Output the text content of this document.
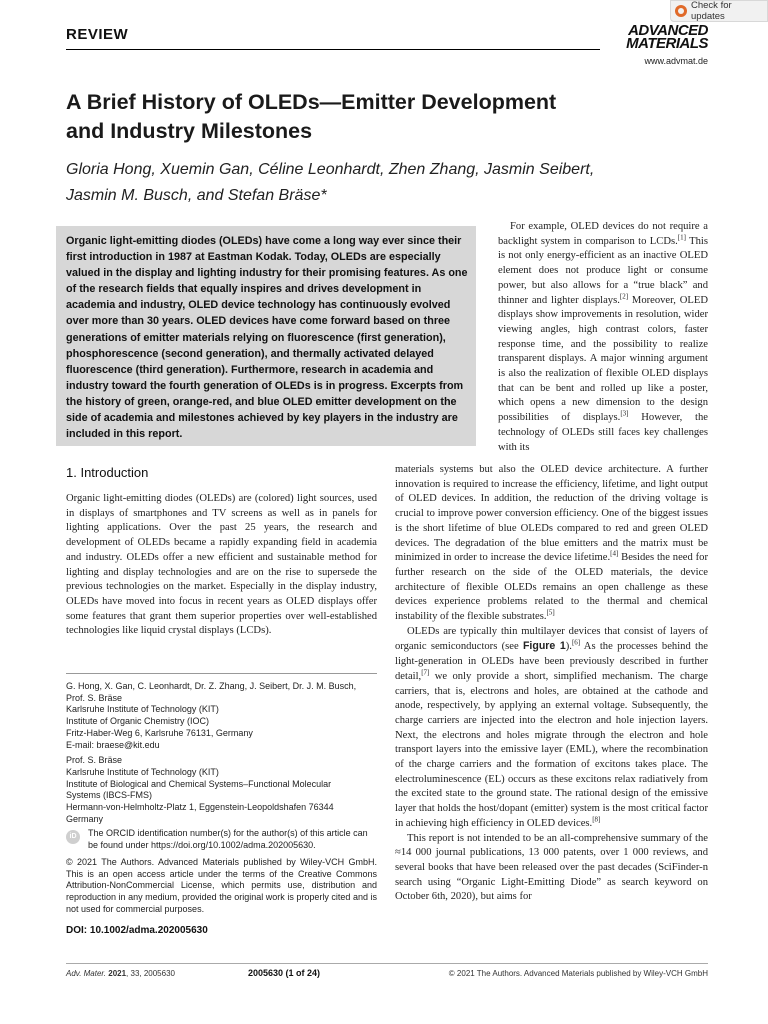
REVIEW	ADVANCED
MATERIALS
www.advmat.de
Check for updates
A Brief History of OLEDs—Emitter Development
and Industry Milestones
Gloria Hong, Xuemin Gan, Céline Leonhardt, Zhen Zhang, Jasmin Seibert,
Jasmin M. Busch, and Stefan Bräse*
Organic light-emitting diodes (OLEDs) have come a long way ever since their first introduction in 1987 at Eastman Kodak. Today, OLEDs are especially valued in the display and lighting industry for their promising features. As one of the research fields that equally inspires and drives development in academia and industry, OLED device technology has continuously evolved over more than 30 years. OLED devices have come forward based on three generations of emitter materials relying on fluorescence (first generation), phosphorescence (second generation), and thermally activated delayed fluorescence (third generation). Furthermore, research in academia and industry toward the fourth generation of OLEDs is in progress. Excerpts from the history of green, orange-red, and blue OLED emitter development on the side of academia and milestones achieved by key players in the industry are included in this report.

For example, OLED devices do not require a backlight system in comparison to LCDs.[1] This is not only energy-efficient as an inactive OLED element does not produce light or consume power, but also allows for a “true black” and thinner and lighter displays.[2] Moreover, OLED displays show improvements in resolution, wider viewing angles, high contrast colors, faster response time, and the possibility to realize transparent displays. A major winning argument is also the realization of flexible OLED displays that can be bent and rolled up like a poster, which opens a new dimension to the design possibilities of displays.[3] However, the technology of OLEDs still faces key challenges with its

materials systems but also the OLED device architecture. A further innovation is required to increase the efficiency, lifetime, and light output of OLED devices. In addition, the reduction of the driving voltage is crucial to improve power conversion efficiency. One of the biggest issues is the short lifetime of blue OLEDs compared to red and green OLED devices. The degradation of the blue emitters and the matrix must be minimized in order to increase the device lifetime.[4] Besides the need for further research on the side of the OLED materials, the device architecture of flexible OLEDs remains an open challenge as these devices experience problems related to the thermal and chemical instability of the flexible substrates.[5]

OLEDs are typically thin multilayer devices that consist of layers of organic semiconductors (see Figure 1).[6] As the processes behind the light-generation in OLEDs have been previously described in further detail,[7] we only provide a short, simplified mechanism. The charge carriers, that is, electrons and holes, are obtained at the cathode and anode, respectively, by applying an external voltage. Subsequently, the charge carriers are injected into the electron and hole injection layers. Next, the electrons and holes migrate through the electron and hole transport layers into the emissive layer (EML), where the recombination of the charge carriers and the formation of excitons takes place. The electroluminescence (EL) occurs as these excitons relax radiatively from the excited state to the ground state. The rational design of the emissive layer that holds the host/dopant (emitter) system is the most critical factor in achieving high efficiency in OLED devices.[8]

This report is not intended to be an all-comprehensive summary of the ≈14 000 journal publications, 13 000 patents, over 1 000 reviews, and several books that have been released over the past decades (SciFinder-n search using “Organic Light-Emitting Diode” as search keyword on October 6th, 2020), but aims for

1. Introduction

Organic light-emitting diodes (OLEDs) are (colored) light sources, used in displays of smartphones and TV screens as well as in panels for lighting applications. Over the past 25 years, the research and development of OLEDs became a rapidly expanding field in academia and industry. OLEDs offer a new efficient and sustainable method for lighting and display technologies and are on the rise to supersede the previous technologies on the market. Especially in the display industry, OLEDs have moved into focus in recent years as OLED displays offer some features that grant them superior properties over well-established technologies like liquid crystal displays (LCDs).

G. Hong, X. Gan, C. Leonhardt, Dr. Z. Zhang, J. Seibert, Dr. J. M. Busch,
Prof. S. Bräse
Karlsruhe Institute of Technology (KIT)
Institute of Organic Chemistry (IOC)
Fritz-Haber-Weg 6, Karlsruhe 76131, Germany
E-mail: braese@kit.edu
Prof. S. Bräse
Karlsruhe Institute of Technology (KIT)
Institute of Biological and Chemical Systems–Functional Molecular
Systems (IBCS-FMS)
Hermann-von-Helmholtz-Platz 1, Eggenstein-Leopoldshafen 76344
Germany
iD	The ORCID identification number(s) for the author(s) of this article can be found under https://doi.org/10.1002/adma.202005630.
© 2021 The Authors. Advanced Materials published by Wiley-VCH GmbH. This is an open access article under the terms of the Creative Commons Attribution-NonCommercial License, which permits use, distribution and reproduction in any medium, provided the original work is properly cited and is not used for commercial purposes.
DOI: 10.1002/adma.202005630
Adv. Mater. 2021, 33, 2005630	2005630 (1 of 24)	© 2021 The Authors. Advanced Materials published by Wiley-VCH GmbH
